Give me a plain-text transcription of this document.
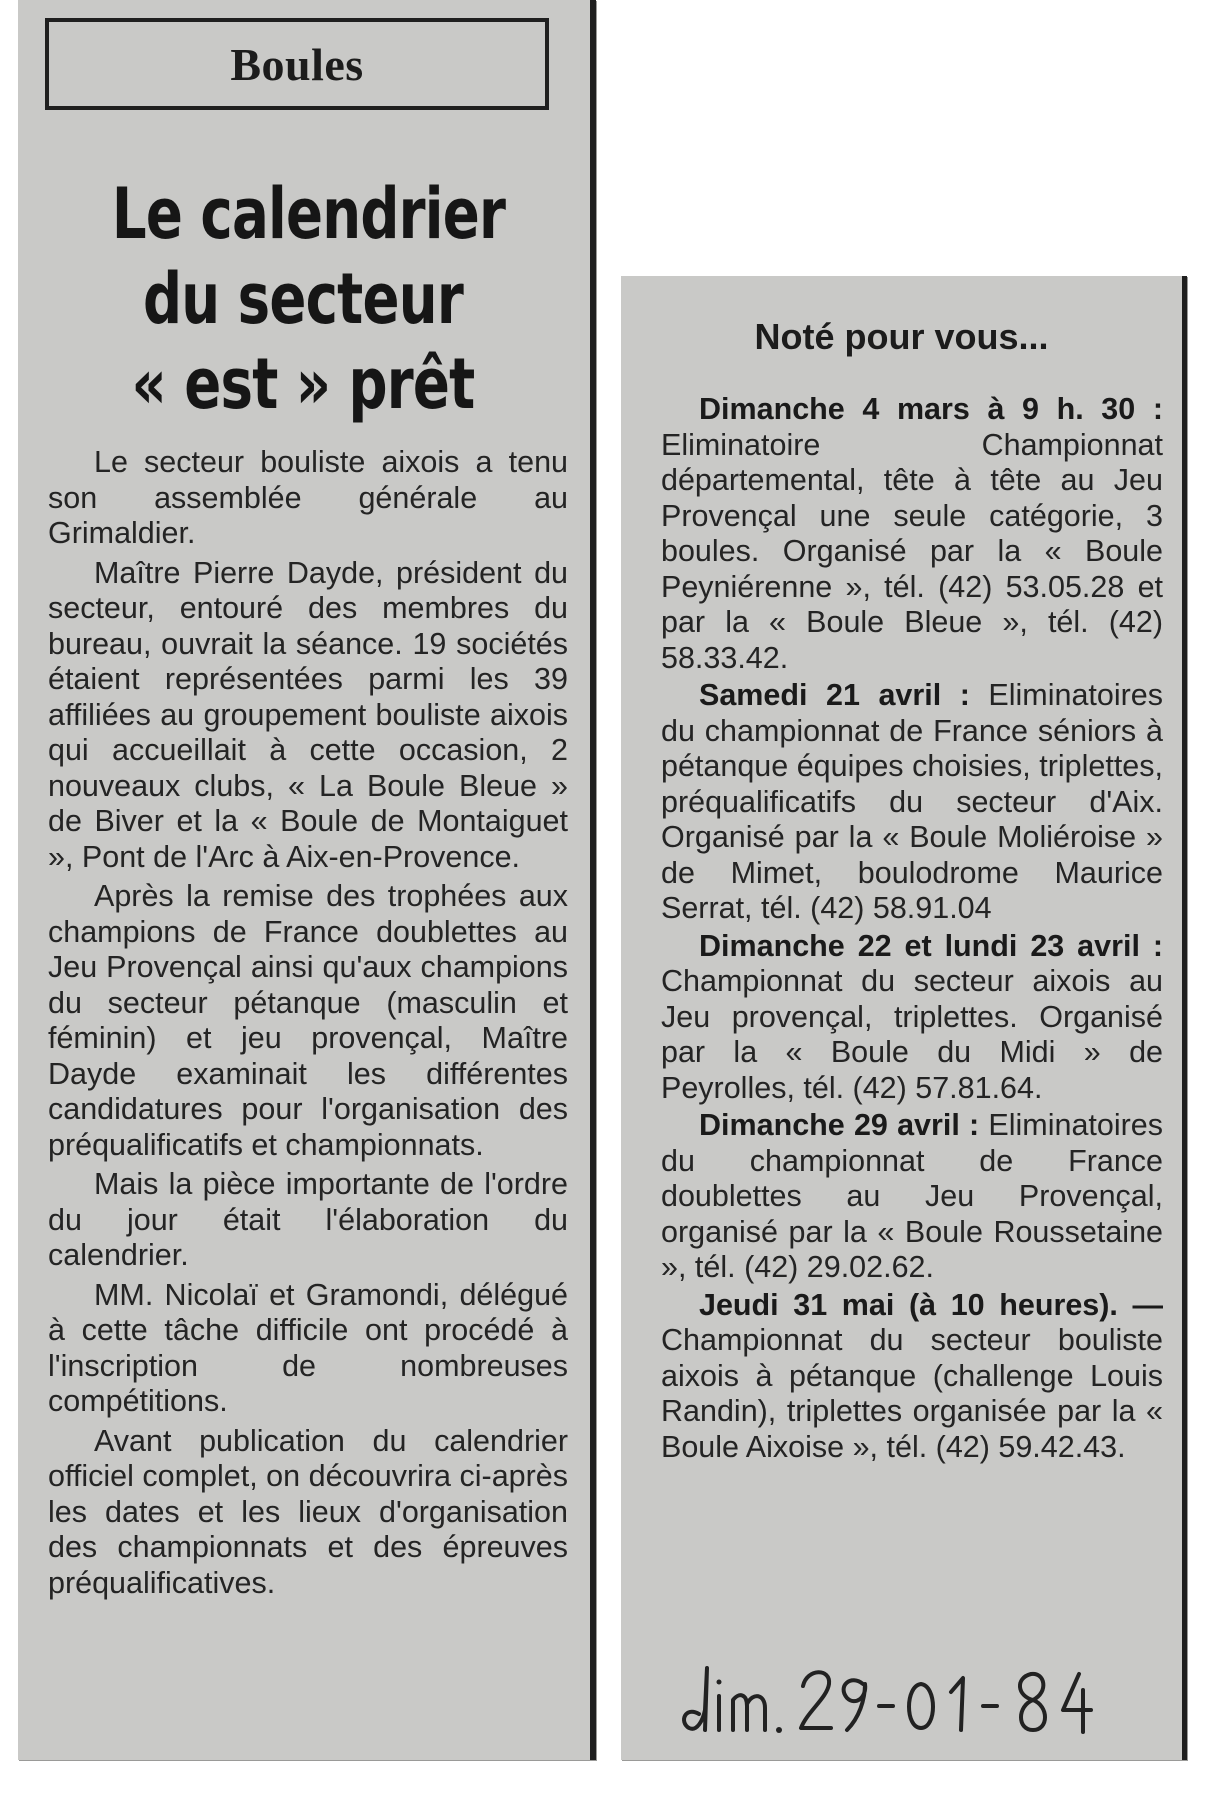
Boules
Le calendrier
du secteur
« est » prêt

Le secteur bouliste aixois a tenu son assemblée générale au Grimaldier.

Maître Pierre Dayde, président du secteur, entouré des membres du bureau, ouvrait la séance. 19 sociétés étaient représentées parmi les 39 affiliées au groupement bouliste aixois qui accueillait à cette occasion, 2 nouveaux clubs, « La Boule Bleue » de Biver et la « Boule de Montaiguet », Pont de l'Arc à Aix-en-Provence.

Après la remise des trophées aux champions de France doublettes au Jeu Provençal ainsi qu'aux champions du secteur pétanque (masculin et féminin) et jeu provençal, Maître Dayde examinait les différentes candidatures pour l'organisation des préqualificatifs et championnats.

Mais la pièce importante de l'ordre du jour était l'élaboration du calendrier.

MM. Nicolaï et Gramondi, délégué à cette tâche difficile ont procédé à l'inscription de nombreuses compétitions.

Avant publication du calendrier officiel complet, on découvrira ci-après les dates et les lieux d'organisation des championnats et des épreuves préqualificatives.

Noté pour vous...

Dimanche 4 mars à 9 h. 30 : Eliminatoire Championnat départemental, tête à tête au Jeu Provençal une seule catégorie, 3 boules. Organisé par la « Boule Peyniérenne », tél. (42) 53.05.28 et par la « Boule Bleue », tél. (42) 58.33.42.

Samedi 21 avril : Eliminatoires du championnat de France séniors à pétanque équipes choisies, triplettes, préqualificatifs du secteur d'Aix. Organisé par la « Boule Moliéroise » de Mimet, boulodrome Maurice Serrat, tél. (42) 58.91.04

Dimanche 22 et lundi 23 avril : Championnat du secteur aixois au Jeu provençal, triplettes. Organisé par la « Boule du Midi » de Peyrolles, tél. (42) 57.81.64.

Dimanche 29 avril : Eliminatoires du championnat de France doublettes au Jeu Provençal, organisé par la « Boule Roussetaine », tél. (42) 29.02.62.

Jeudi 31 mai (à 10 heures). — Championnat du secteur bouliste aixois à pétanque (challenge Louis Randin), triplettes organisée par la « Boule Aixoise », tél. (42) 59.42.43.
